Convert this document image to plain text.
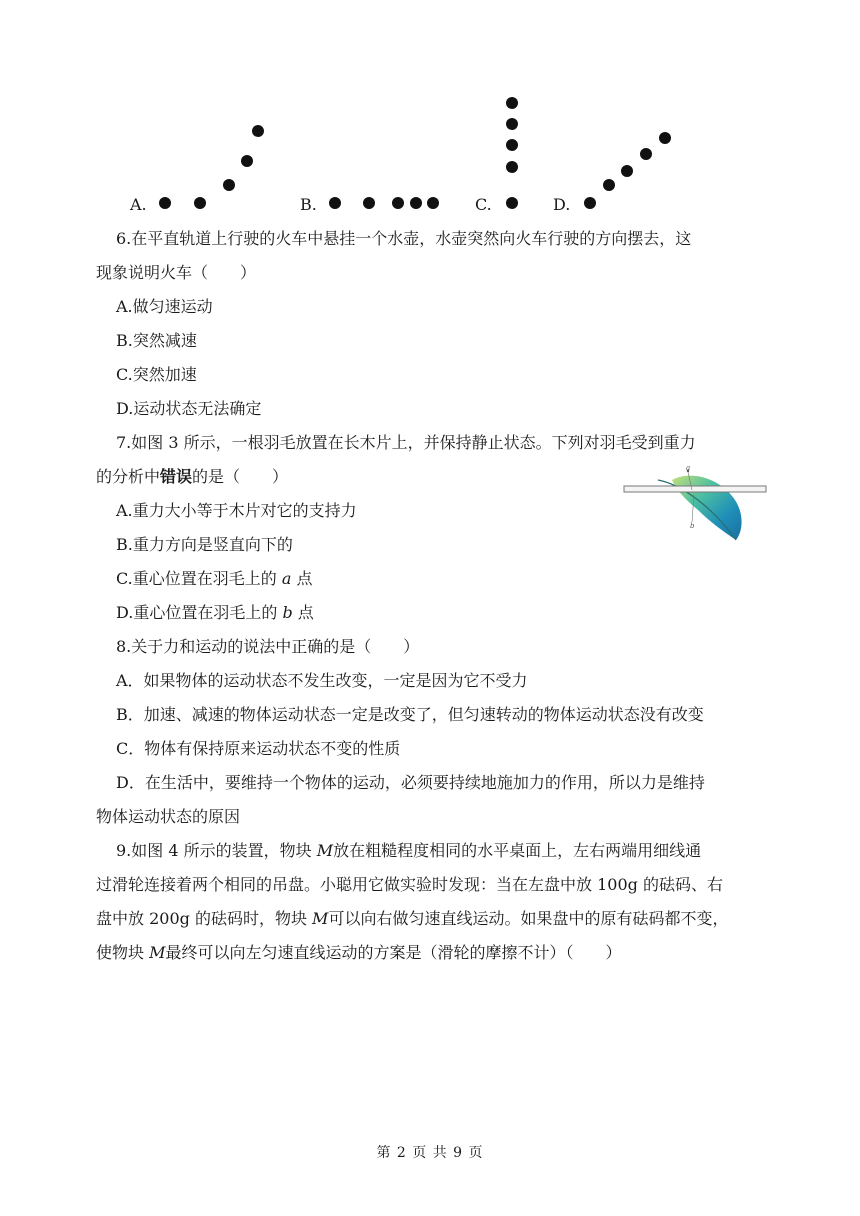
A.	B.	C.	D.
6.在平直轨道上行驶的火车中悬挂一个水壶，水壶突然向火车行驶的方向摆去，这
现象说明火车（　　）
A.做匀速运动
B.突然减速
C.突然加速
D.运动状态无法确定
7.如图 3 所示，一根羽毛放置在长木片上，并保持静止状态。下列对羽毛受到重力
的分析中错误的是（　　）
A.重力大小等于木片对它的支持力
B.重力方向是竖直向下的
C.重心位置在羽毛上的 a 点
D.重心位置在羽毛上的 b 点
a
b
8.关于力和运动的说法中正确的是（　　）
A．如果物体的运动状态不发生改变，一定是因为它不受力
B．加速、减速的物体运动状态一定是改变了，但匀速转动的物体运动状态没有改变
C．物体有保持原来运动状态不变的性质
D．在生活中，要维持一个物体的运动，必须要持续地施加力的作用，所以力是维持
物体运动状态的原因
9.如图 4 所示的装置，物块 M放在粗糙程度相同的水平桌面上，左右两端用细线通
过滑轮连接着两个相同的吊盘。小聪用它做实验时发现：当在左盘中放 100g 的砝码、右
盘中放 200g 的砝码时，物块 M可以向右做匀速直线运动。如果盘中的原有砝码都不变，
使物块 M最终可以向左匀速直线运动的方案是（滑轮的摩擦不计）（　　）
第 2 页 共 9 页
